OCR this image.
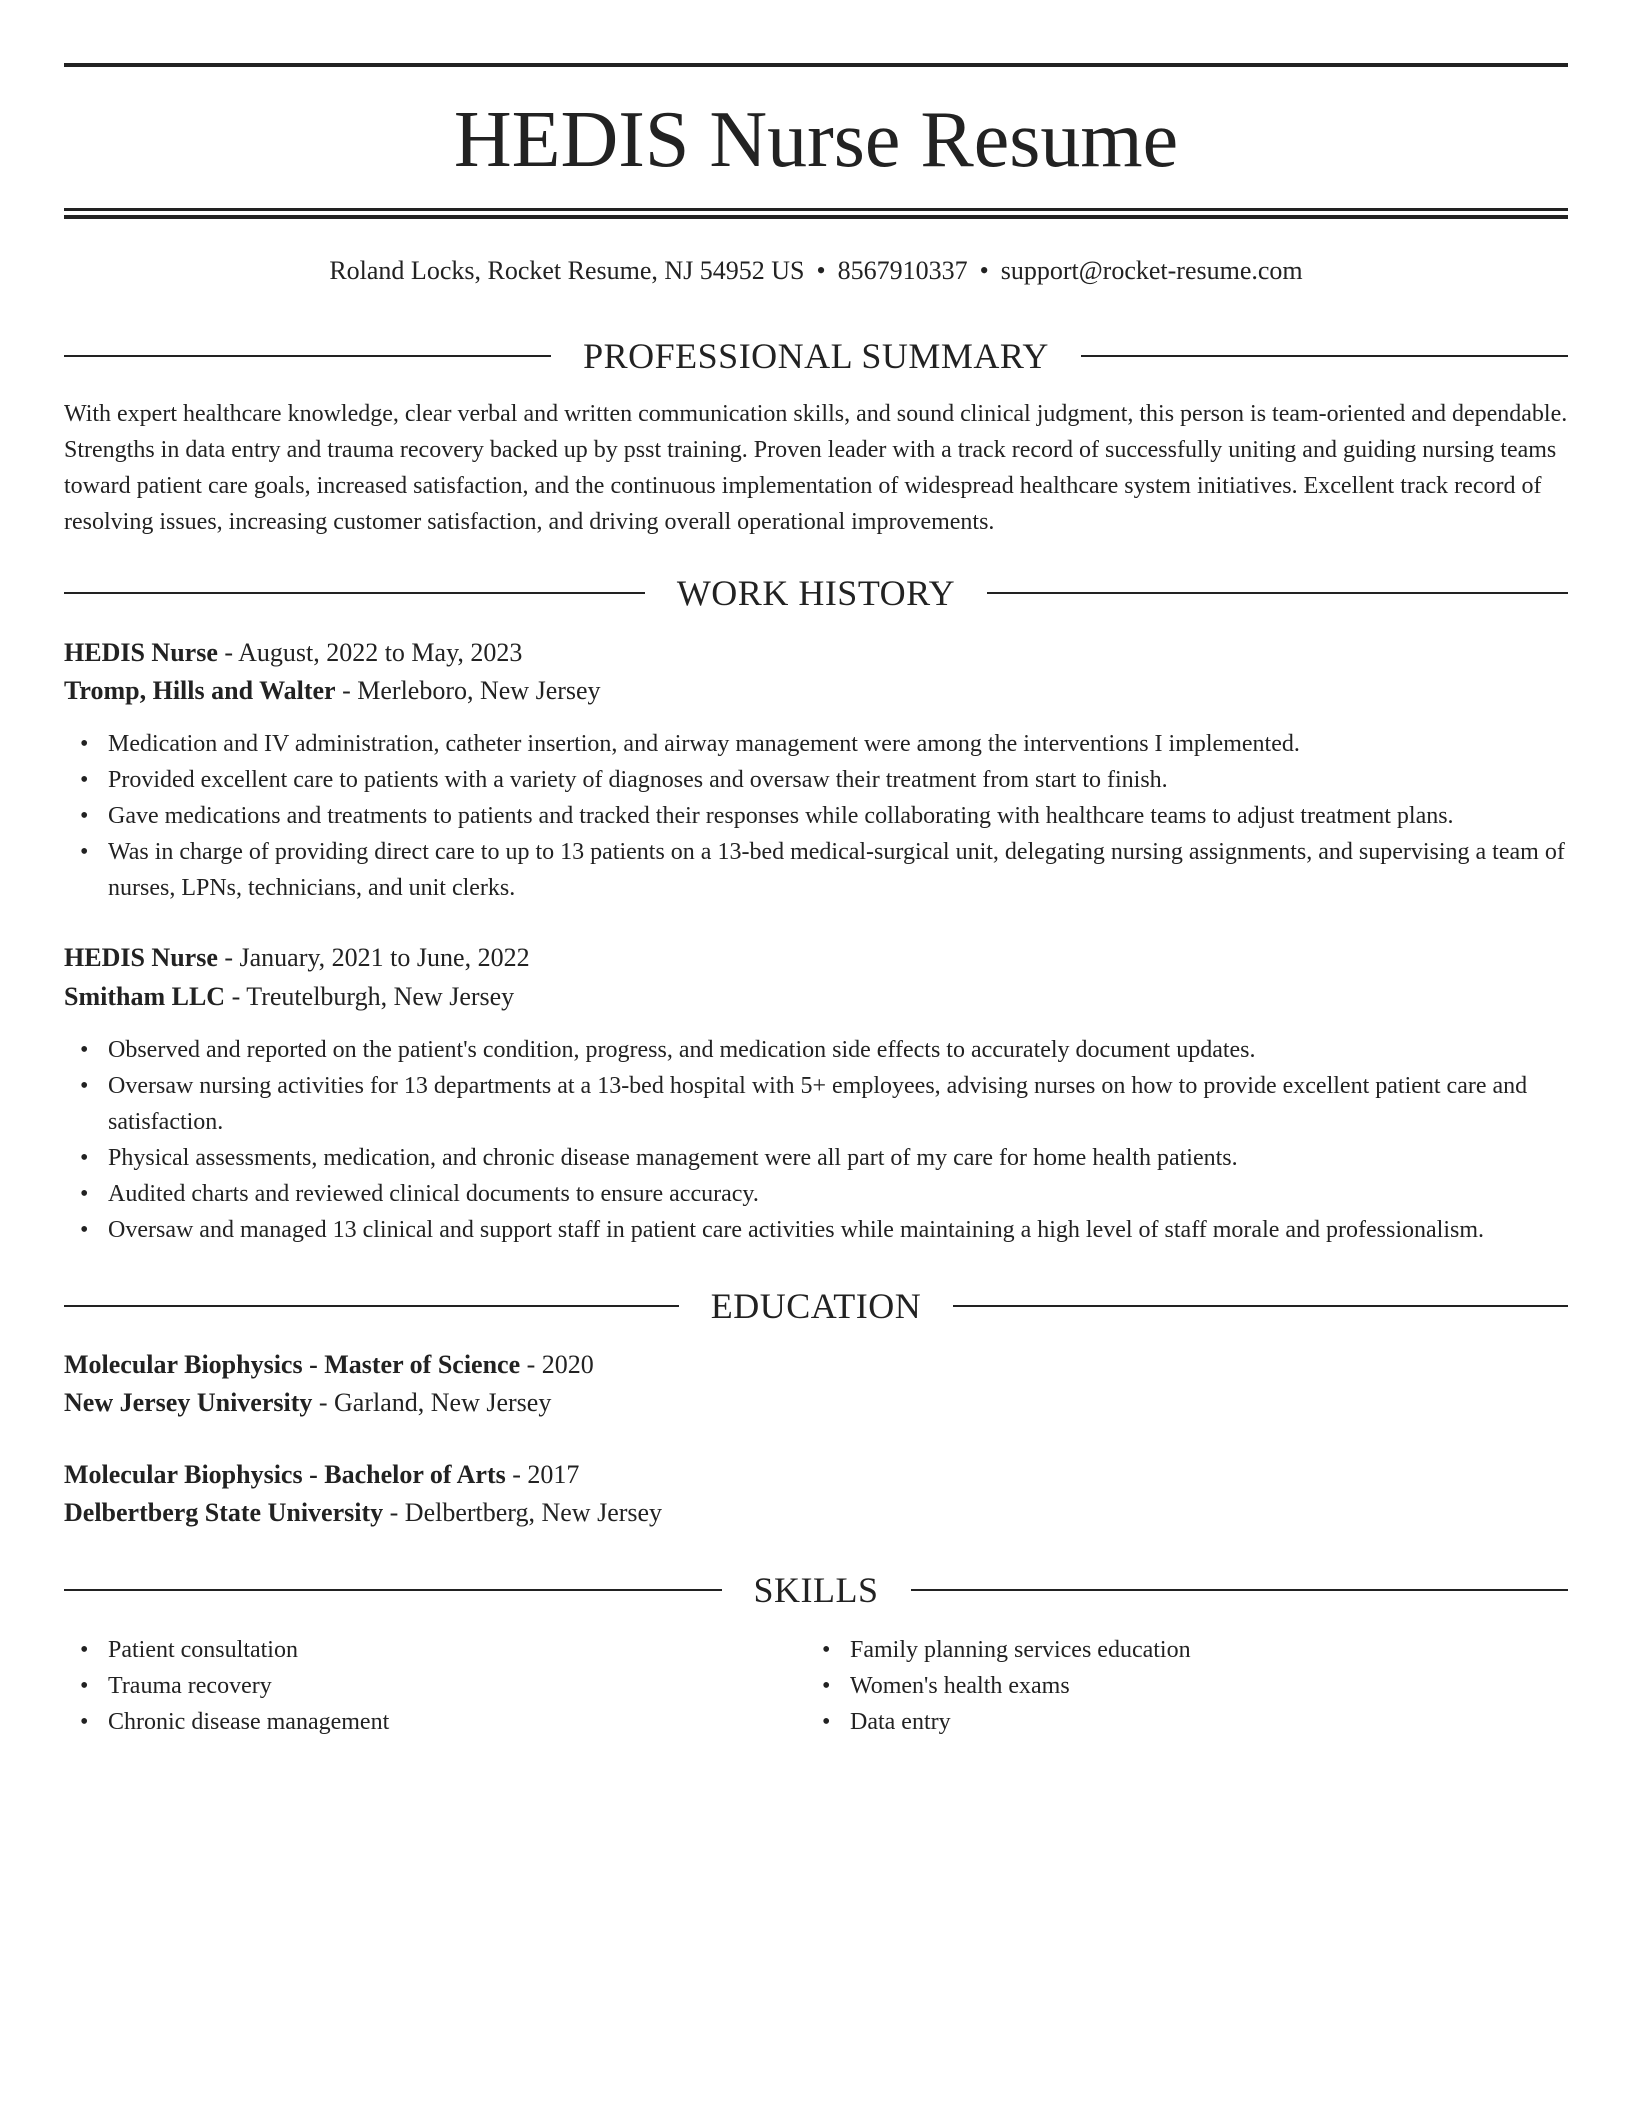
HEDIS Nurse Resume
Roland Locks, Rocket Resume, NJ 54952 US • 8567910337 • support@rocket-resume.com
PROFESSIONAL SUMMARY

With expert healthcare knowledge, clear verbal and written communication skills, and sound clinical judgment, this person is team-oriented and dependable. Strengths in data entry and trauma recovery backed up by psst training. Proven leader with a track record of successfully uniting and guiding nursing teams toward patient care goals, increased satisfaction, and the continuous implementation of widespread healthcare system initiatives. Excellent track record of resolving issues, increasing customer satisfaction, and driving overall operational improvements.

WORK HISTORY
HEDIS Nurse - August, 2022 to May, 2023
Tromp, Hills and Walter - Merleboro, New Jersey
• Medication and IV administration, catheter insertion, and airway management were among the interventions I implemented.
• Provided excellent care to patients with a variety of diagnoses and oversaw their treatment from start to finish.
• Gave medications and treatments to patients and tracked their responses while collaborating with healthcare teams to adjust treatment plans.
• Was in charge of providing direct care to up to 13 patients on a 13-bed medical-surgical unit, delegating nursing assignments, and supervising a team of nurses, LPNs, technicians, and unit clerks.
HEDIS Nurse - January, 2021 to June, 2022
Smitham LLC - Treutelburgh, New Jersey
• Observed and reported on the patient's condition, progress, and medication side effects to accurately document updates.
• Oversaw nursing activities for 13 departments at a 13-bed hospital with 5+ employees, advising nurses on how to provide excellent patient care and satisfaction.
• Physical assessments, medication, and chronic disease management were all part of my care for home health patients.
• Audited charts and reviewed clinical documents to ensure accuracy.
• Oversaw and managed 13 clinical and support staff in patient care activities while maintaining a high level of staff morale and professionalism.
EDUCATION
Molecular Biophysics - Master of Science - 2020
New Jersey University - Garland, New Jersey
Molecular Biophysics - Bachelor of Arts - 2017
Delbertberg State University - Delbertberg, New Jersey
SKILLS
• Patient consultation
• Trauma recovery
• Chronic disease management
• Family planning services education
• Women's health exams
• Data entry
